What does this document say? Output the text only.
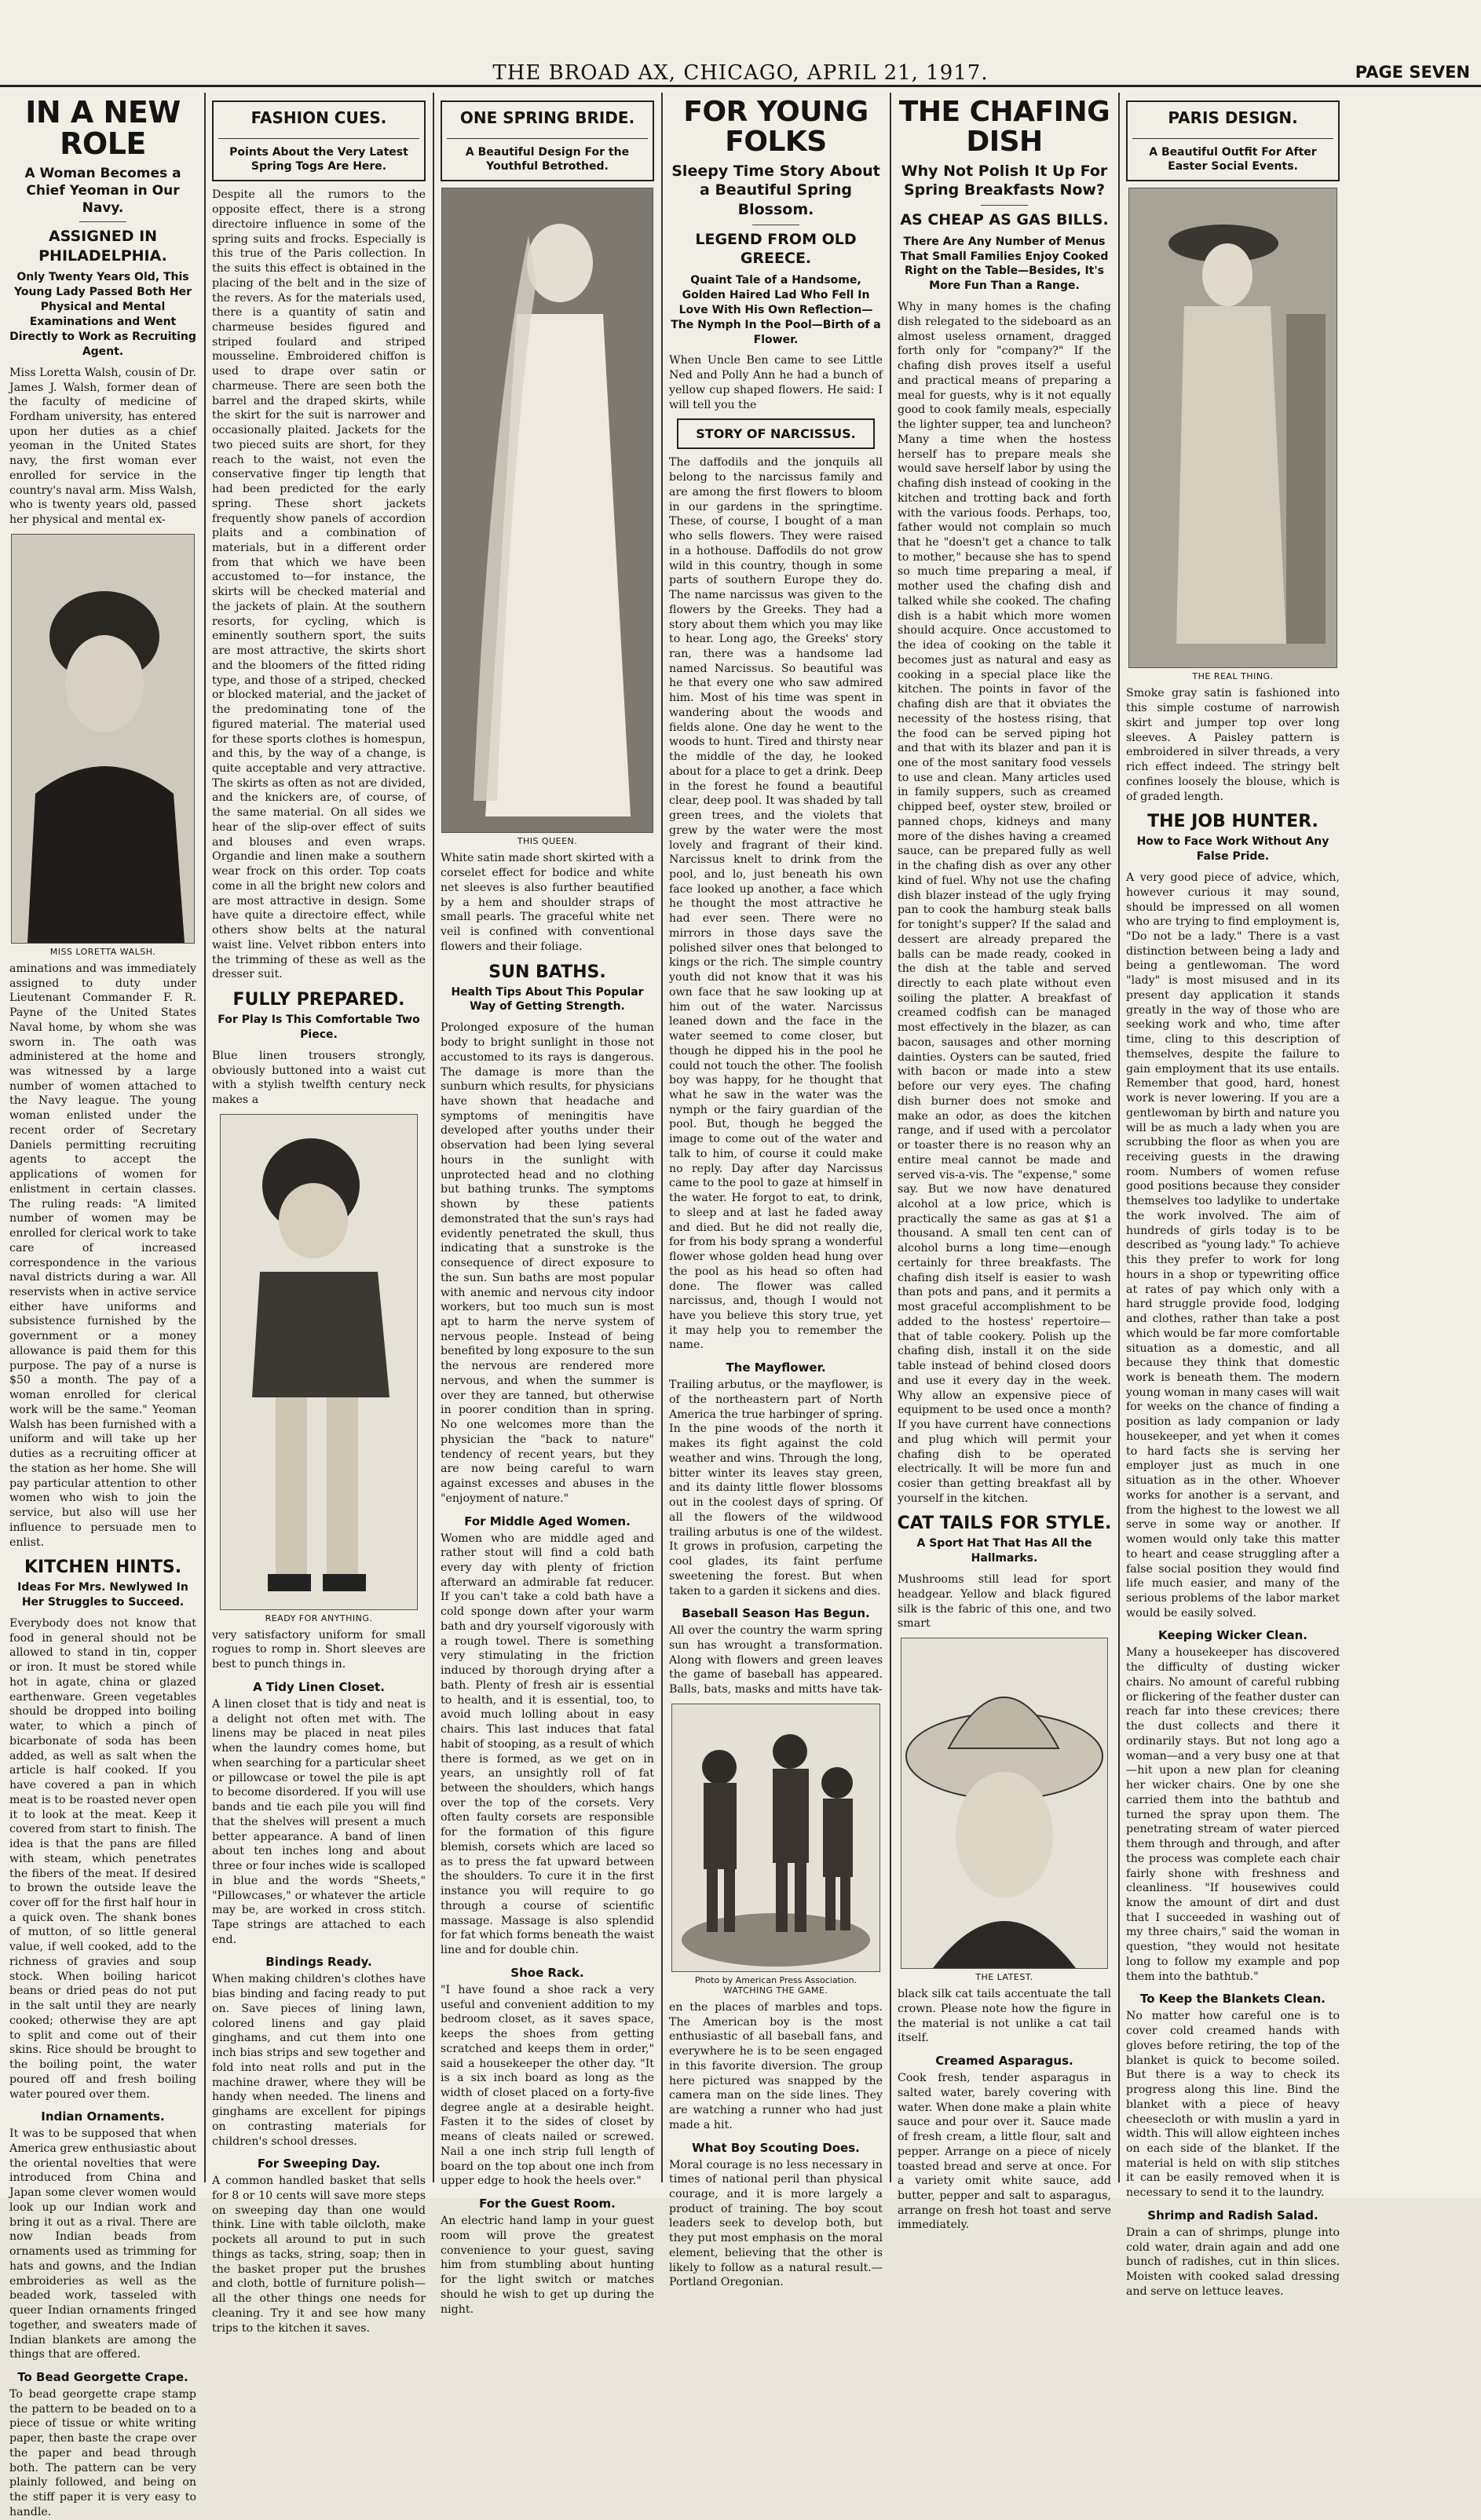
THE BROAD AX, CHICAGO, APRIL 21, 1917.	PAGE SEVEN
IN A NEW ROLE
A Woman Becomes a Chief Yeoman in Our Navy.
ASSIGNED IN PHILADELPHIA.
Only Twenty Years Old, This Young Lady Passed Both Her Physical and Mental Examinations and Went Directly to Work as Recruiting Agent.
Miss Loretta Walsh, cousin of Dr. James J. Walsh, former dean of the faculty of medicine of Fordham university, has entered upon her duties as a chief yeoman in the United States navy, the first woman ever enrolled for service in the country's naval arm. Miss Walsh, who is twenty years old, passed her physical and mental ex-
MISS LORETTA WALSH.
aminations and was immediately assigned to duty under Lieutenant Commander F. R. Payne of the United States Naval home, by whom she was sworn in. The oath was administered at the home and was witnessed by a large number of women attached to the Navy league. The young woman enlisted under the recent order of Secretary Daniels permitting recruiting agents to accept the applications of women for enlistment in certain classes. The ruling reads: "A limited number of women may be enrolled for clerical work to take care of increased correspondence in the various naval districts during a war. All reservists when in active service either have uniforms and subsistence furnished by the government or a money allowance is paid them for this purpose. The pay of a nurse is $50 a month. The pay of a woman enrolled for clerical work will be the same." Yeoman Walsh has been furnished with a uniform and will take up her duties as a recruiting officer at the station as her home. She will pay particular attention to other women who wish to join the service, but also will use her influence to persuade men to enlist.
KITCHEN HINTS.
Ideas For Mrs. Newlywed In Her Struggles to Succeed.
Everybody does not know that food in general should not be allowed to stand in tin, copper or iron. It must be stored while hot in agate, china or glazed earthenware. Green vegetables should be dropped into boiling water, to which a pinch of bicarbonate of soda has been added, as well as salt when the article is half cooked. If you have covered a pan in which meat is to be roasted never open it to look at the meat. Keep it covered from start to finish. The idea is that the pans are filled with steam, which penetrates the fibers of the meat. If desired to brown the outside leave the cover off for the first half hour in a quick oven. The shank bones of mutton, of so little general value, if well cooked, add to the richness of gravies and soup stock. When boiling haricot beans or dried peas do not put in the salt until they are nearly cooked; otherwise they are apt to split and come out of their skins. Rice should be brought to the boiling point, the water poured off and fresh boiling water poured over them.
Indian Ornaments.
It was to be supposed that when America grew enthusiastic about the oriental novelties that were introduced from China and Japan some clever women would look up our Indian work and bring it out as a rival. There are now Indian beads from ornaments used as trimming for hats and gowns, and the Indian embroideries as well as the beaded work, tasseled with queer Indian ornaments fringed together, and sweaters made of Indian blankets are among the things that are offered.
To Bead Georgette Crape.
To bead georgette crape stamp the pattern to be beaded on to a piece of tissue or white writing paper, then baste the crape over the paper and bead through both. The pattern can be very plainly followed, and being on the stiff paper it is very easy to handle.
FASHION CUES.
Points About the Very Latest Spring Togs Are Here.
Despite all the rumors to the opposite effect, there is a strong directoire influence in some of the spring suits and frocks. Especially is this true of the Paris collection. In the suits this effect is obtained in the placing of the belt and in the size of the revers. As for the materials used, there is a quantity of satin and charmeuse besides figured and striped foulard and striped mousseline. Embroidered chiffon is used to drape over satin or charmeuse. There are seen both the barrel and the draped skirts, while the skirt for the suit is narrower and occasionally plaited. Jackets for the two pieced suits are short, for they reach to the waist, not even the conservative finger tip length that had been predicted for the early spring. These short jackets frequently show panels of accordion plaits and a combination of materials, but in a different order from that which we have been accustomed to—for instance, the skirts will be checked material and the jackets of plain. At the southern resorts, for cycling, which is eminently southern sport, the suits are most attractive, the skirts short and the bloomers of the fitted riding type, and those of a striped, checked or blocked material, and the jacket of the predominating tone of the figured material. The material used for these sports clothes is homespun, and this, by the way of a change, is quite acceptable and very attractive. The skirts as often as not are divided, and the knickers are, of course, of the same material. On all sides we hear of the slip-over effect of suits and blouses and even wraps. Organdie and linen make a southern wear frock on this order. Top coats come in all the bright new colors and are most attractive in design. Some have quite a directoire effect, while others show belts at the natural waist line. Velvet ribbon enters into the trimming of these as well as the dresser suit.
FULLY PREPARED.
For Play Is This Comfortable Two Piece.
Blue linen trousers strongly, obviously buttoned into a waist cut with a stylish twelfth century neck makes a
READY FOR ANYTHING.
very satisfactory uniform for small rogues to romp in. Short sleeves are best to punch things in.
A Tidy Linen Closet.
A linen closet that is tidy and neat is a delight not often met with. The linens may be placed in neat piles when the laundry comes home, but when searching for a particular sheet or pillowcase or towel the pile is apt to become disordered. If you will use bands and tie each pile you will find that the shelves will present a much better appearance. A band of linen about ten inches long and about three or four inches wide is scalloped in blue and the words "Sheets," "Pillowcases," or whatever the article may be, are worked in cross stitch. Tape strings are attached to each end.
Bindings Ready.
When making children's clothes have bias binding and facing ready to put on. Save pieces of lining lawn, colored linens and gay plaid ginghams, and cut them into one inch bias strips and sew together and fold into neat rolls and put in the machine drawer, where they will be handy when needed. The linens and ginghams are excellent for pipings on contrasting materials for children's school dresses.
For Sweeping Day.
A common handled basket that sells for 8 or 10 cents will save more steps on sweeping day than one would think. Line with table oilcloth, make pockets all around to put in such things as tacks, string, soap; then in the basket proper put the brushes and cloth, bottle of furniture polish—all the other things one needs for cleaning. Try it and see how many trips to the kitchen it saves.
ONE SPRING BRIDE.
A Beautiful Design For the Youthful Betrothed.
THIS QUEEN.
White satin made short skirted with a corselet effect for bodice and white net sleeves is also further beautified by a hem and shoulder straps of small pearls. The graceful white net veil is confined with conventional flowers and their foliage.
SUN BATHS.
Health Tips About This Popular Way of Getting Strength.
Prolonged exposure of the human body to bright sunlight in those not accustomed to its rays is dangerous. The damage is more than the sunburn which results, for physicians have shown that headache and symptoms of meningitis have developed after youths under their observation had been lying several hours in the sunlight with unprotected head and no clothing but bathing trunks. The symptoms shown by these patients demonstrated that the sun's rays had evidently penetrated the skull, thus indicating that a sunstroke is the consequence of direct exposure to the sun. Sun baths are most popular with anemic and nervous city indoor workers, but too much sun is most apt to harm the nerve system of nervous people. Instead of being benefited by long exposure to the sun the nervous are rendered more nervous, and when the summer is over they are tanned, but otherwise in poorer condition than in spring. No one welcomes more than the physician the "back to nature" tendency of recent years, but they are now being careful to warn against excesses and abuses in the "enjoyment of nature."
For Middle Aged Women.
Women who are middle aged and rather stout will find a cold bath every day with plenty of friction afterward an admirable fat reducer. If you can't take a cold bath have a cold sponge down after your warm bath and dry yourself vigorously with a rough towel. There is something very stimulating in the friction induced by thorough drying after a bath. Plenty of fresh air is essential to health, and it is essential, too, to avoid much lolling about in easy chairs. This last induces that fatal habit of stooping, as a result of which there is formed, as we get on in years, an unsightly roll of fat between the shoulders, which hangs over the top of the corsets. Very often faulty corsets are responsible for the formation of this figure blemish, corsets which are laced so as to press the fat upward between the shoulders. To cure it in the first instance you will require to go through a course of scientific massage. Massage is also splendid for fat which forms beneath the waist line and for double chin.
Shoe Rack.
"I have found a shoe rack a very useful and convenient addition to my bedroom closet, as it saves space, keeps the shoes from getting scratched and keeps them in order," said a housekeeper the other day. "It is a six inch board as long as the width of closet placed on a forty-five degree angle at a desirable height. Fasten it to the sides of closet by means of cleats nailed or screwed. Nail a one inch strip full length of board on the top about one inch from upper edge to hook the heels over."
For the Guest Room.
An electric hand lamp in your guest room will prove the greatest convenience to your guest, saving him from stumbling about hunting for the light switch or matches should he wish to get up during the night.
FOR YOUNG FOLKS
Sleepy Time Story About a Beautiful Spring Blossom.
LEGEND FROM OLD GREECE.
Quaint Tale of a Handsome, Golden Haired Lad Who Fell In Love With His Own Reflection—The Nymph In the Pool—Birth of a Flower.
When Uncle Ben came to see Little Ned and Polly Ann he had a bunch of yellow cup shaped flowers. He said: I will tell you the
STORY OF NARCISSUS.
The daffodils and the jonquils all belong to the narcissus family and are among the first flowers to bloom in our gardens in the springtime. These, of course, I bought of a man who sells flowers. They were raised in a hothouse. Daffodils do not grow wild in this country, though in some parts of southern Europe they do. The name narcissus was given to the flowers by the Greeks. They had a story about them which you may like to hear. Long ago, the Greeks' story ran, there was a handsome lad named Narcissus. So beautiful was he that every one who saw admired him. Most of his time was spent in wandering about the woods and fields alone. One day he went to the woods to hunt. Tired and thirsty near the middle of the day, he looked about for a place to get a drink. Deep in the forest he found a beautiful clear, deep pool. It was shaded by tall green trees, and the violets that grew by the water were the most lovely and fragrant of their kind. Narcissus knelt to drink from the pool, and lo, just beneath his own face looked up another, a face which he thought the most attractive he had ever seen. There were no mirrors in those days save the polished silver ones that belonged to kings or the rich. The simple country youth did not know that it was his own face that he saw looking up at him out of the water. Narcissus leaned down and the face in the water seemed to come closer, but though he dipped his in the pool he could not touch the other. The foolish boy was happy, for he thought that what he saw in the water was the nymph or the fairy guardian of the pool. But, though he begged the image to come out of the water and talk to him, of course it could make no reply. Day after day Narcissus came to the pool to gaze at himself in the water. He forgot to eat, to drink, to sleep and at last he faded away and died. But he did not really die, for from his body sprang a wonderful flower whose golden head hung over the pool as his head so often had done. The flower was called narcissus, and, though I would not have you believe this story true, yet it may help you to remember the name.
The Mayflower.
Trailing arbutus, or the mayflower, is of the northeastern part of North America the true harbinger of spring. In the pine woods of the north it makes its fight against the cold weather and wins. Through the long, bitter winter its leaves stay green, and its dainty little flower blossoms out in the coolest days of spring. Of all the flowers of the wildwood trailing arbutus is one of the wildest. It grows in profusion, carpeting the cool glades, its faint perfume sweetening the forest. But when taken to a garden it sickens and dies.
Baseball Season Has Begun.
All over the country the warm spring sun has wrought a transformation. Along with flowers and green leaves the game of baseball has appeared. Balls, bats, masks and mitts have tak-
Photo by American Press Association.
WATCHING THE GAME.
en the places of marbles and tops. The American boy is the most enthusiastic of all baseball fans, and everywhere he is to be seen engaged in this favorite diversion. The group here pictured was snapped by the camera man on the side lines. They are watching a runner who had just made a hit.
What Boy Scouting Does.
Moral courage is no less necessary in times of national peril than physical courage, and it is more largely a product of training. The boy scout leaders seek to develop both, but they put most emphasis on the moral element, believing that the other is likely to follow as a natural result.—Portland Oregonian.
THE CHAFING DISH
Why Not Polish It Up For Spring Breakfasts Now?
AS CHEAP AS GAS BILLS.
There Are Any Number of Menus That Small Families Enjoy Cooked Right on the Table—Besides, It's More Fun Than a Range.
Why in many homes is the chafing dish relegated to the sideboard as an almost useless ornament, dragged forth only for "company?" If the chafing dish proves itself a useful and practical means of preparing a meal for guests, why is it not equally good to cook family meals, especially the lighter supper, tea and luncheon? Many a time when the hostess herself has to prepare meals she would save herself labor by using the chafing dish instead of cooking in the kitchen and trotting back and forth with the various foods. Perhaps, too, father would not complain so much that he "doesn't get a chance to talk to mother," because she has to spend so much time preparing a meal, if mother used the chafing dish and talked while she cooked. The chafing dish is a habit which more women should acquire. Once accustomed to the idea of cooking on the table it becomes just as natural and easy as cooking in a special place like the kitchen. The points in favor of the chafing dish are that it obviates the necessity of the hostess rising, that the food can be served piping hot and that with its blazer and pan it is one of the most sanitary food vessels to use and clean. Many articles used in family suppers, such as creamed chipped beef, oyster stew, broiled or panned chops, kidneys and many more of the dishes having a creamed sauce, can be prepared fully as well in the chafing dish as over any other kind of fuel. Why not use the chafing dish blazer instead of the ugly frying pan to cook the hamburg steak balls for tonight's supper? If the salad and dessert are already prepared the balls can be made ready, cooked in the dish at the table and served directly to each plate without even soiling the platter. A breakfast of creamed codfish can be managed most effectively in the blazer, as can bacon, sausages and other morning dainties. Oysters can be sauted, fried with bacon or made into a stew before our very eyes. The chafing dish burner does not smoke and make an odor, as does the kitchen range, and if used with a percolator or toaster there is no reason why an entire meal cannot be made and served vis-a-vis. The "expense," some say. But we now have denatured alcohol at a low price, which is practically the same as gas at $1 a thousand. A small ten cent can of alcohol burns a long time—enough certainly for three breakfasts. The chafing dish itself is easier to wash than pots and pans, and it permits a most graceful accomplishment to be added to the hostess' repertoire—that of table cookery. Polish up the chafing dish, install it on the side table instead of behind closed doors and use it every day in the week. Why allow an expensive piece of equipment to be used once a month? If you have current have connections and plug which will permit your chafing dish to be operated electrically. It will be more fun and cosier than getting breakfast all by yourself in the kitchen.
CAT TAILS FOR STYLE.
A Sport Hat That Has All the Hallmarks.
Mushrooms still lead for sport headgear. Yellow and black figured silk is the fabric of this one, and two smart
THE LATEST.
black silk cat tails accentuate the tall crown. Please note how the figure in the material is not unlike a cat tail itself.
Creamed Asparagus.
Cook fresh, tender asparagus in salted water, barely covering with water. When done make a plain white sauce and pour over it. Sauce made of fresh cream, a little flour, salt and pepper. Arrange on a piece of nicely toasted bread and serve at once. For a variety omit white sauce, add butter, pepper and salt to asparagus, arrange on fresh hot toast and serve immediately.
PARIS DESIGN.
A Beautiful Outfit For After Easter Social Events.
THE REAL THING.
Smoke gray satin is fashioned into this simple costume of narrowish skirt and jumper top over long sleeves. A Paisley pattern is embroidered in silver threads, a very rich effect indeed. The stringy belt confines loosely the blouse, which is of graded length.
THE JOB HUNTER.
How to Face Work Without Any False Pride.
A very good piece of advice, which, however curious it may sound, should be impressed on all women who are trying to find employment is, "Do not be a lady." There is a vast distinction between being a lady and being a gentlewoman. The word "lady" is most misused and in its present day application it stands greatly in the way of those who are seeking work and who, time after time, cling to this description of themselves, despite the failure to gain employment that its use entails. Remember that good, hard, honest work is never lowering. If you are a gentlewoman by birth and nature you will be as much a lady when you are scrubbing the floor as when you are receiving guests in the drawing room. Numbers of women refuse good positions because they consider themselves too ladylike to undertake the work involved. The aim of hundreds of girls today is to be described as "young lady." To achieve this they prefer to work for long hours in a shop or typewriting office at rates of pay which only with a hard struggle provide food, lodging and clothes, rather than take a post which would be far more comfortable situation as a domestic, and all because they think that domestic work is beneath them. The modern young woman in many cases will wait for weeks on the chance of finding a position as lady companion or lady housekeeper, and yet when it comes to hard facts she is serving her employer just as much in one situation as in the other. Whoever works for another is a servant, and from the highest to the lowest we all serve in some way or another. If women would only take this matter to heart and cease struggling after a false social position they would find life much easier, and many of the serious problems of the labor market would be easily solved.
Keeping Wicker Clean.
Many a housekeeper has discovered the difficulty of dusting wicker chairs. No amount of careful rubbing or flickering of the feather duster can reach far into these crevices; there the dust collects and there it ordinarily stays. But not long ago a woman—and a very busy one at that—hit upon a new plan for cleaning her wicker chairs. One by one she carried them into the bathtub and turned the spray upon them. The penetrating stream of water pierced them through and through, and after the process was complete each chair fairly shone with freshness and cleanliness. "If housewives could know the amount of dirt and dust that I succeeded in washing out of my three chairs," said the woman in question, "they would not hesitate long to follow my example and pop them into the bathtub."
To Keep the Blankets Clean.
No matter how careful one is to cover cold creamed hands with gloves before retiring, the top of the blanket is quick to become soiled. But there is a way to check its progress along this line. Bind the blanket with a piece of heavy cheesecloth or with muslin a yard in width. This will allow eighteen inches on each side of the blanket. If the material is held on with slip stitches it can be easily removed when it is necessary to send it to the laundry.
Shrimp and Radish Salad.
Drain a can of shrimps, plunge into cold water, drain again and add one bunch of radishes, cut in thin slices. Moisten with cooked salad dressing and serve on lettuce leaves.
